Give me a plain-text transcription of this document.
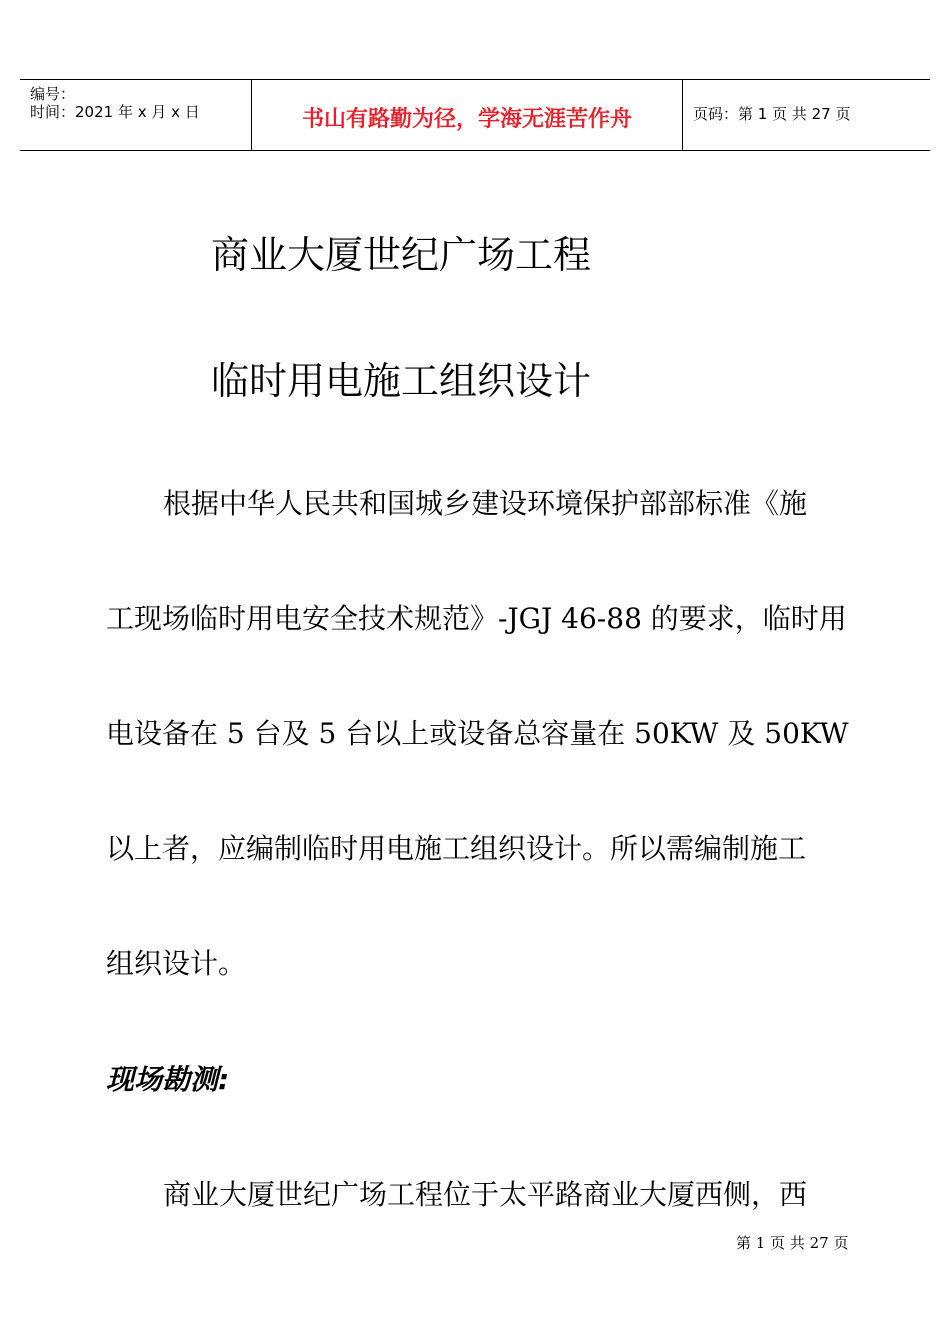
编号：
时间：2021 年 x 月 x 日	书山有路勤为径，学海无涯苦作舟	页码：第 1 页 共 27 页
商业大厦世纪广场工程
临时用电施工组织设计
根据中华人民共和国城乡建设环境保护部部标准《施
工现场临时用电安全技术规范》-JGJ 46-88 的要求，临时用
电设备在 5 台及 5 台以上或设备总容量在 50KW 及 50KW
以上者，应编制临时用电施工组织设计。所以需编制施工
组织设计。
现场勘测:
商业大厦世纪广场工程位于太平路商业大厦西侧，西
第 1 页 共 27 页
